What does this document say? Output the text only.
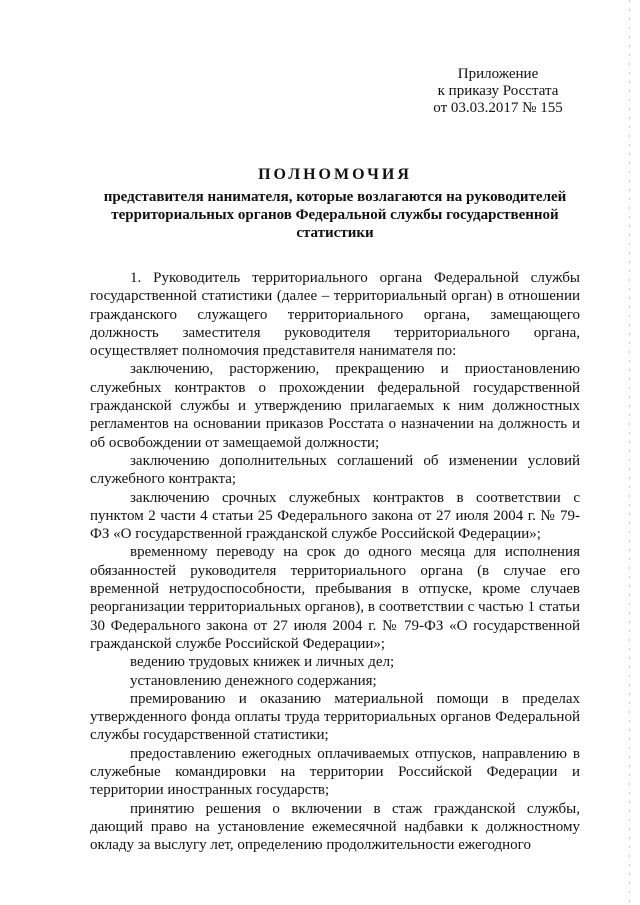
Приложение
к приказу Росстата
от 03.03.2017 № 155
ПОЛНОМОЧИЯ
представителя нанимателя, которые возлагаются на руководителей территориальных органов Федеральной службы государственной статистики

1. Руководитель территориального органа Федеральной службы государственной статистики (далее – территориальный орган) в отношении гражданского служащего территориального органа, замещающего должность заместителя руководителя территориального органа, осуществляет полномочия представителя нанимателя по:

заключению, расторжению, прекращению и приостановлению служебных контрактов о прохождении федеральной государственной гражданской службы и утверждению прилагаемых к ним должностных регламентов на основании приказов Росстата о назначении на должность и об освобождении от замещаемой должности;

заключению дополнительных соглашений об изменении условий служебного контракта;

заключению срочных служебных контрактов в соответствии с пунктом 2 части 4 статьи 25 Федерального закона от 27 июля 2004 г. № 79-ФЗ «О государственной гражданской службе Российской Федерации»;

временному переводу на срок до одного месяца для исполнения обязанностей руководителя территориального органа (в случае его временной нетрудоспособности, пребывания в отпуске, кроме случаев реорганизации территориальных органов), в соответствии с частью 1 статьи 30 Федерального закона от 27 июля 2004 г. № 79-ФЗ «О государственной гражданской службе Российской Федерации»;

ведению трудовых книжек и личных дел;

установлению денежного содержания;

премированию и оказанию материальной помощи в пределах утвержденного фонда оплаты труда территориальных органов Федеральной службы государственной статистики;

предоставлению ежегодных оплачиваемых отпусков, направлению в служебные командировки на территории Российской Федерации и территории иностранных государств;

принятию решения о включении в стаж гражданской службы, дающий право на установление ежемесячной надбавки к должностному окладу за выслугу лет, определению продолжительности ежегодного
